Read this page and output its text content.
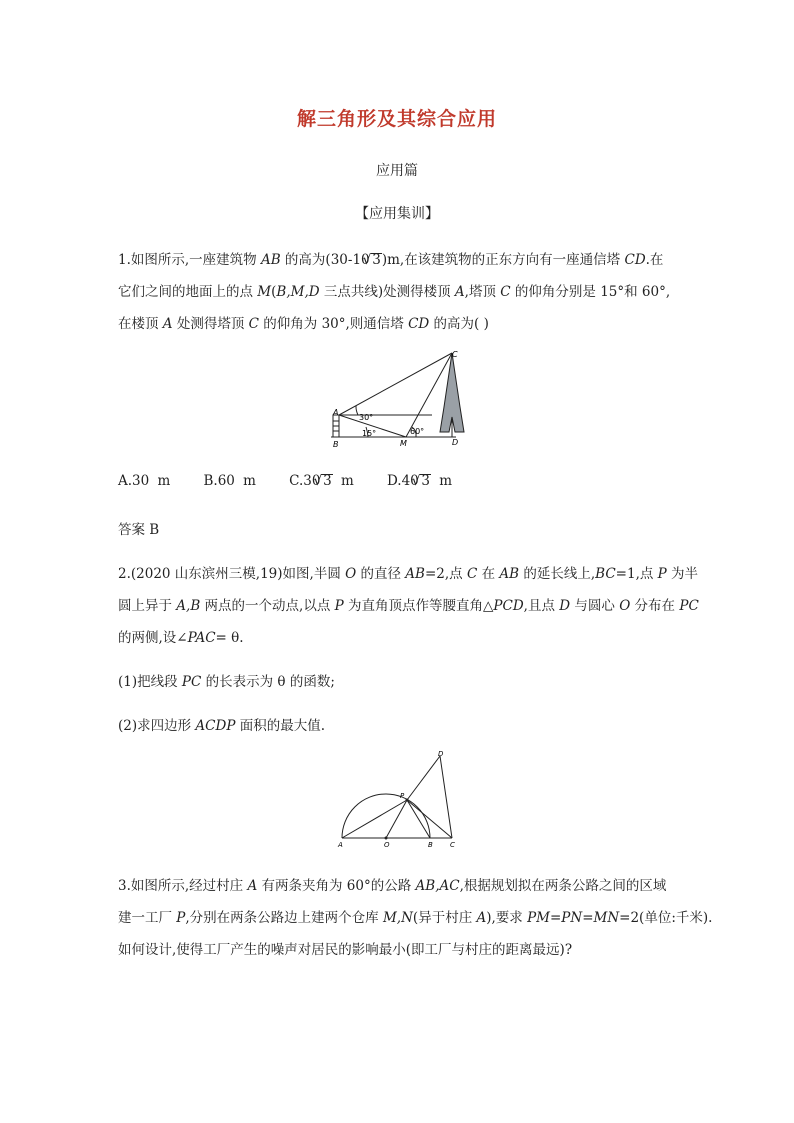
解三角形及其综合应用
应用篇
【应用集训】
1.如图所示,一座建筑物 AB 的高为(30-10 √ 3)m,在该建筑物的正东方向有一座通信塔 CD.在
它们之间的地面上的点 M(B,M,D 三点共线)处测得楼顶 A,塔顶 C 的仰角分别是 15°和 60°,
在楼顶 A 处测得塔顶 C 的仰角为 30°,则通信塔 CD 的高为( )
A
B
C
D
M
30°
15°	60°
A.30 m B.60 m C.30 √ 3 m D.40 √ 3 m
答案 B
2.(2020 山东滨州三模,19)如图,半圆 O 的直径 AB=2,点 C 在 AB 的延长线上,BC=1,点 P 为半
圆上异于 A,B 两点的一个动点,以点 P 为直角顶点作等腰直角△PCD,且点 D 与圆心 O 分布在 PC
的两侧,设∠PAC= θ.
(1)把线段 PC 的长表示为 θ 的函数;
(2)求四边形 ACDP 面积的最大值.
A	O	B C
P
D
3.如图所示,经过村庄 A 有两条夹角为 60°的公路 AB,AC,根据规划拟在两条公路之间的区域
建一工厂 P,分别在两条公路边上建两个仓库 M,N(异于村庄 A),要求 PM=PN=MN=2(单位:千米).
如何设计,使得工厂产生的噪声对居民的影响最小(即工厂与村庄的距离最远)?
